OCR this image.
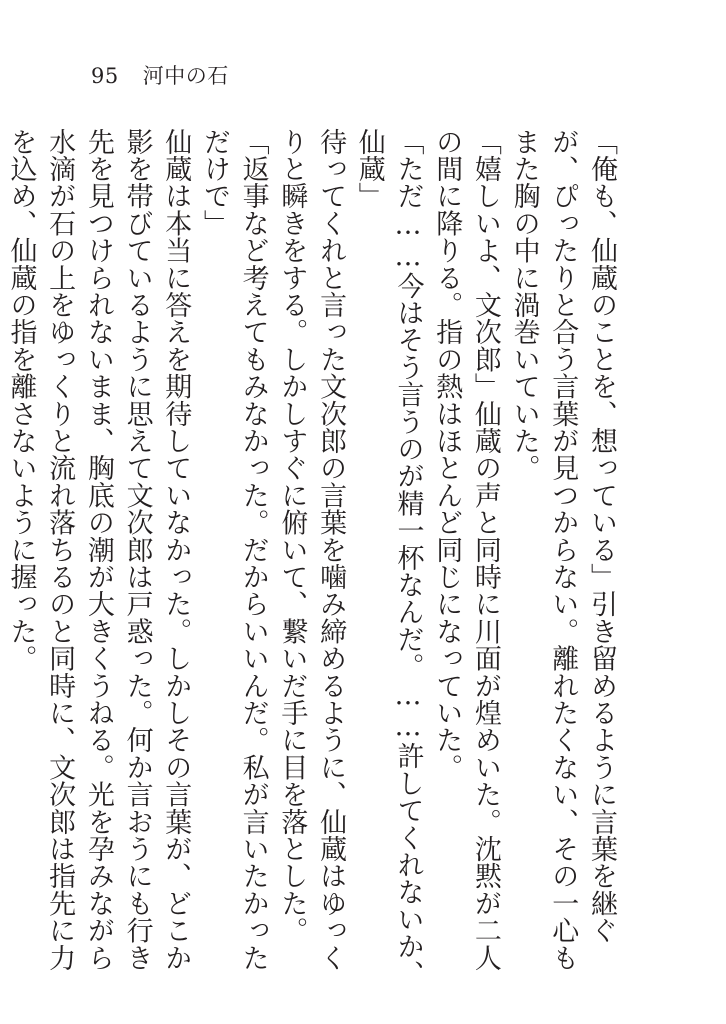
95 河中の石

「俺も、仙蔵のことを、想っている」引き留めるように言葉を継ぐが、ぴったりと合う言葉が見つからない。離れたくない、その一心もまた胸の中に渦巻いていた。

「嬉しいよ、文次郎」仙蔵の声と同時に川面が煌めいた。沈黙が二人の間に降りる。指の熱はほとんど同じになっていた。

「ただ……今はそう言うのが精一杯なんだ。……許してくれないか、仙蔵」

待ってくれと言った文次郎の言葉を噛み締めるように、仙蔵はゆっくりと瞬きをする。しかしすぐに俯いて、繋いだ手に目を落とした。

「返事など考えてもみなかった。だからいいんだ。私が言いたかっただけで」

仙蔵は本当に答えを期待していなかった。しかしその言葉が、どこか影を帯びているように思えて文次郎は戸惑った。何か言おうにも行き先を見つけられないまま、胸底の潮が大きくうねる。光を孕みながら水滴が石の上をゆっくりと流れ落ちるのと同時に、文次郎は指先に力を込め、仙蔵の指を離さないように握った。
